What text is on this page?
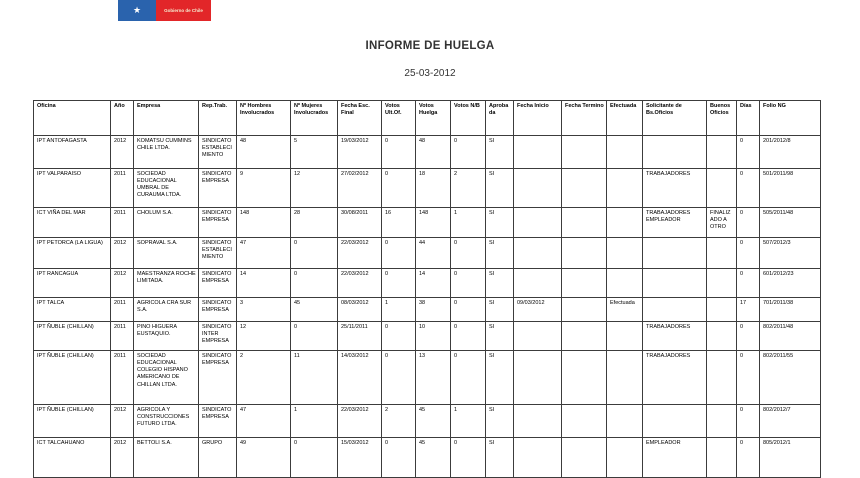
★	Gobierno de Chile
INFORME DE HUELGA
25-03-2012
Oficina	Año	Empresa	Rep.Trab.	Nº Hombres Involucrados	Nº Mujeres Involucrados	Fecha Esc. Final	Votos Ult.Of.	Votos Huelga	Votos N/B	Aprobada	Fecha Inicio	Fecha Termino	Efectuada	Solicitante de Bs.Oficios	Buenos Oficios	Días	Folio NG
IPT ANTOFAGASTA	2012	KOMATSU CUMMINS CHILE LTDA.	SINDICATO ESTABLECIMIENTO	48	5	19/03/2012	0	48	0	SI						0	201/2012/8
IPT VALPARAISO	2011	SOCIEDAD EDUCACIONAL UMBRAL DE CURAUMA LTDA.	SINDICATO EMPRESA	9	12	27/02/2012	0	18	2	SI				TRABAJADORES		0	501/2011/98
ICT VIÑA DEL MAR	2011	CHOLUM S.A.	SINDICATO EMPRESA	148	28	30/08/2011	16	148	1	SI				TRABAJADORES EMPLEADOR	FINALIZADO A OTRO	0	505/2011/48
IPT PETORCA (LA LIGUA)	2012	SOPRAVAL S.A.	SINDICATO ESTABLECIMIENTO	47	0	22/03/2012	0	44	0	SI						0	507/2012/3
IPT RANCAGUA	2012	MAESTRANZA ROCHE LIMITADA.	SINDICATO EMPRESA	14	0	22/03/2012	0	14	0	SI						0	601/2012/23
IPT TALCA	2011	AGRICOLA CRA SUR S.A.	SINDICATO EMPRESA	3	45	08/03/2012	1	38	0	SI	09/03/2012		Efectuada			17	701/2011/38
IPT ÑUBLE (CHILLAN)	2011	PINO HIGUERA EUSTAQUIO.	SINDICATO INTER EMPRESA	12	0	25/11/2011	0	10	0	SI				TRABAJADORES		0	802/2011/48
IPT ÑUBLE (CHILLAN)	2011	SOCIEDAD EDUCACIONAL COLEGIO HISPANO AMERICANO DE CHILLAN LTDA.	SINDICATO EMPRESA	2	11	14/03/2012	0	13	0	SI				TRABAJADORES		0	802/2011/55
IPT ÑUBLE (CHILLAN)	2012	AGRICOLA Y CONSTRUCCIONES FUTURO LTDA.	SINDICATO EMPRESA	47	1	22/03/2012	2	45	1	SI						0	802/2012/7
ICT TALCAHUANO	2012	BETTOLI S.A.	GRUPO	49	0	15/03/2012	0	45	0	SI				EMPLEADOR		0	805/2012/1
